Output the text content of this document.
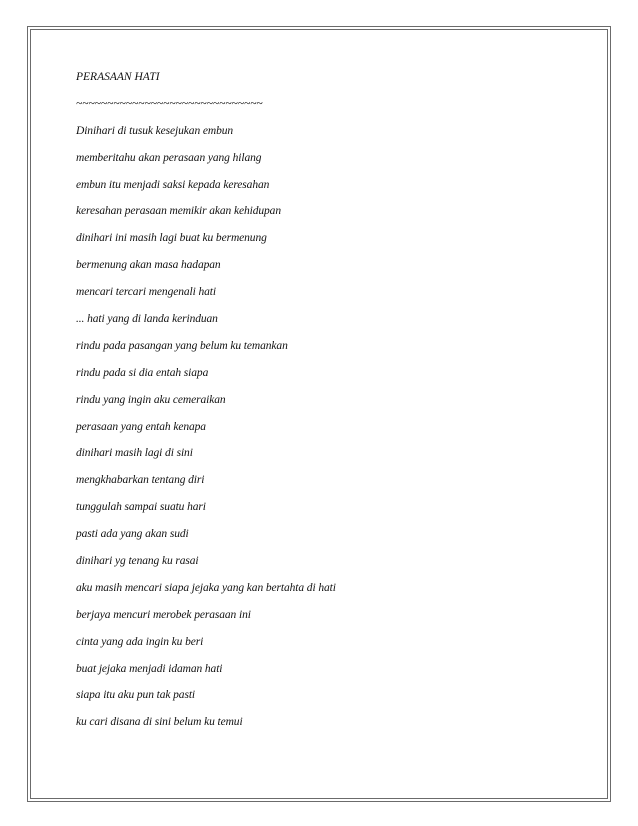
PERASAAN HATI
~~~~~~~~~~~~~~~~~~~~~~~~~~~~~~
Dinihari di tusuk kesejukan embun
memberitahu akan perasaan yang hilang
embun itu menjadi saksi kepada keresahan
keresahan perasaan memikir akan kehidupan
dinihari ini masih lagi buat ku bermenung
bermenung akan masa hadapan
mencari tercari mengenali hati
... hati yang di landa kerinduan
rindu pada pasangan yang belum ku temankan
rindu pada si dia entah siapa
rindu yang ingin aku cemeraikan
perasaan yang entah kenapa
dinihari masih lagi di sini
mengkhabarkan tentang diri
tunggulah sampai suatu hari
pasti ada yang akan sudi
dinihari yg tenang ku rasai
aku masih mencari siapa jejaka yang kan bertahta di hati
berjaya mencuri merobek perasaan ini
cinta yang ada ingin ku beri
buat jejaka menjadi idaman hati
siapa itu aku pun tak pasti
ku cari disana di sini belum ku temui
